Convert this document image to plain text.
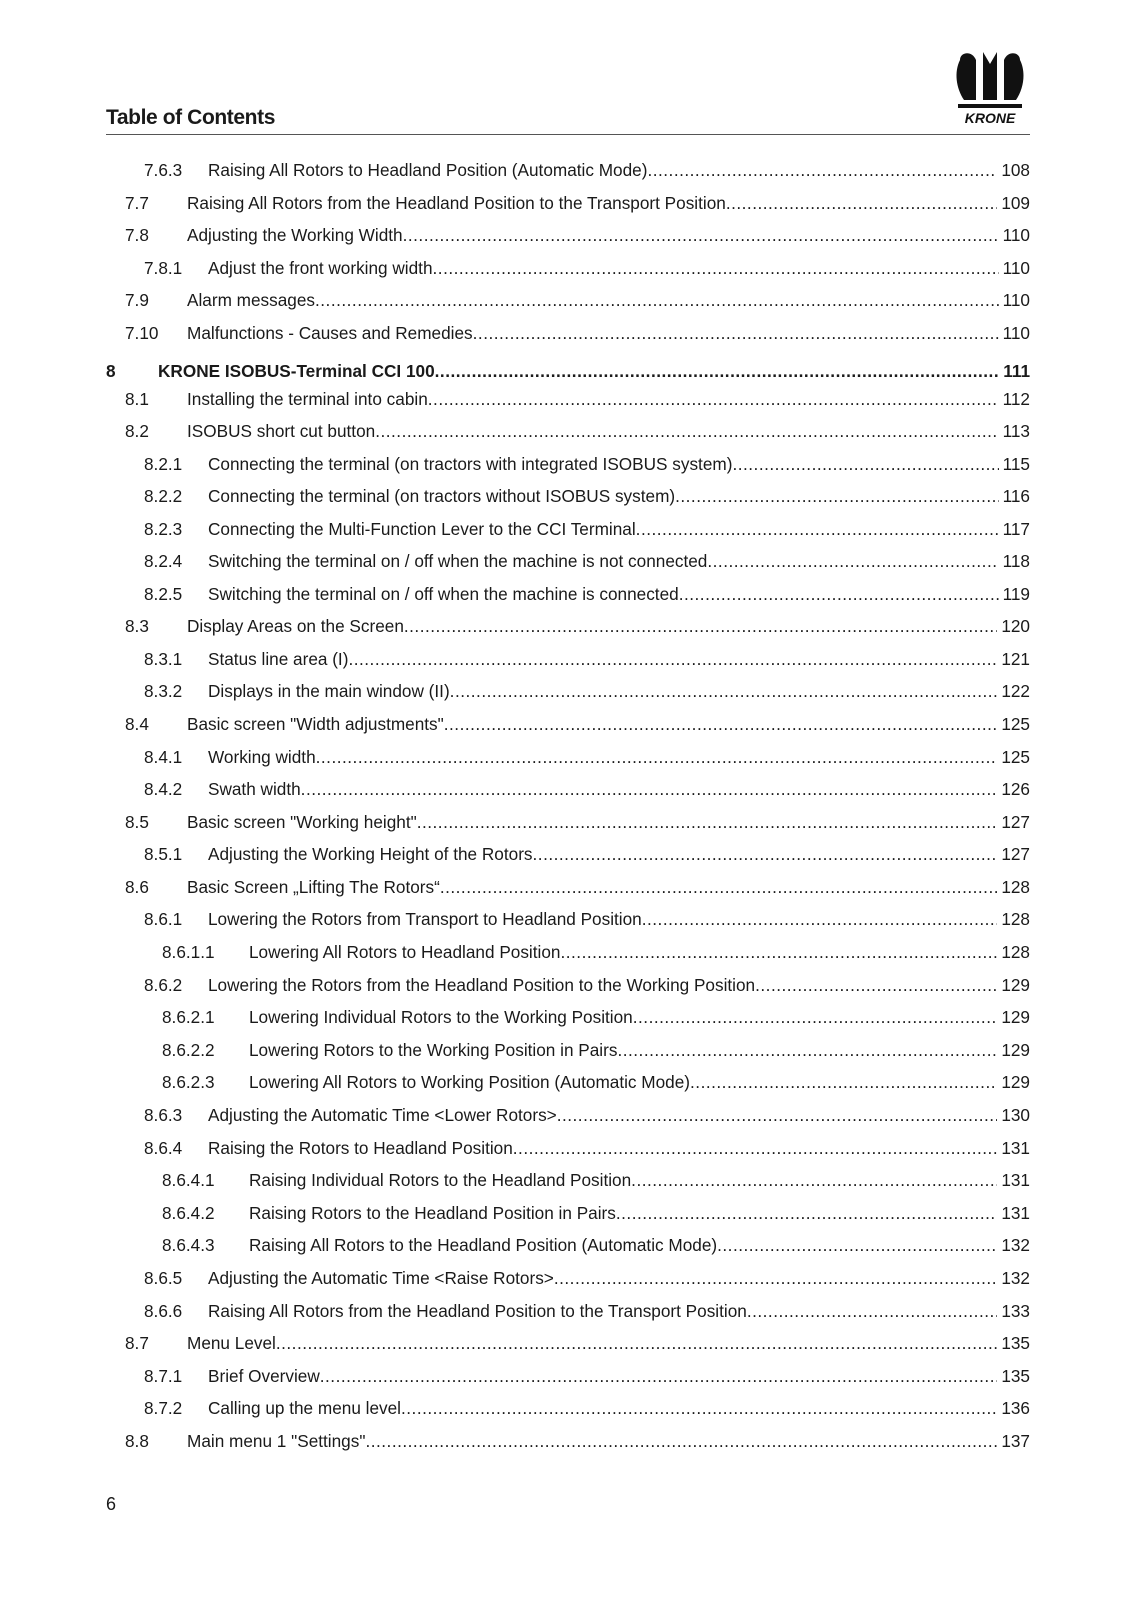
Table of Contents	KRONE
7.6.3 Raising All Rotors to Headland Position (Automatic Mode) .....	108
7.7 Raising All Rotors from the Headland Position to the Transport Position .....	109
7.8 Adjusting the Working Width .....	110
7.8.1 Adjust the front working width .....	110
7.9 Alarm messages .....	110
7.10 Malfunctions - Causes and Remedies .....	110
8 KRONE ISOBUS-Terminal CCI 100 .....	111
8.1 Installing the terminal into cabin .....	112
8.2 ISOBUS short cut button .....	113
8.2.1 Connecting the terminal (on tractors with integrated ISOBUS system) .....	115
8.2.2 Connecting the terminal (on tractors without ISOBUS system) .....	116
8.2.3 Connecting the Multi-Function Lever to the CCI Terminal .....	117
8.2.4 Switching the terminal on / off when the machine is not connected .....	118
8.2.5 Switching the terminal on / off when the machine is connected .....	119
8.3 Display Areas on the Screen .....	120
8.3.1 Status line area (I) .....	121
8.3.2 Displays in the main window (II) .....	122
8.4 Basic screen "Width adjustments" .....	125
8.4.1 Working width .....	125
8.4.2 Swath width .....	126
8.5 Basic screen "Working height" .....	127
8.5.1 Adjusting the Working Height of the Rotors .....	127
8.6 Basic Screen „Lifting The Rotors“ .....	128
8.6.1 Lowering the Rotors from Transport to Headland Position .....	128
8.6.1.1 Lowering All Rotors to Headland Position .....	128
8.6.2 Lowering the Rotors from the Headland Position to the Working Position .....	129
8.6.2.1 Lowering Individual Rotors to the Working Position .....	129
8.6.2.2 Lowering Rotors to the Working Position in Pairs .....	129
8.6.2.3 Lowering All Rotors to Working Position (Automatic Mode) .....	129
8.6.3 Adjusting the Automatic Time <Lower Rotors> .....	130
8.6.4 Raising the Rotors to Headland Position .....	131
8.6.4.1 Raising Individual Rotors to the Headland Position .....	131
8.6.4.2 Raising Rotors to the Headland Position in Pairs .....	131
8.6.4.3 Raising All Rotors to the Headland Position (Automatic Mode) .....	132
8.6.5 Adjusting the Automatic Time <Raise Rotors> .....	132
8.6.6 Raising All Rotors from the Headland Position to the Transport Position .....	133
8.7 Menu Level .....	135
8.7.1 Brief Overview .....	135
8.7.2 Calling up the menu level .....	136
8.8 Main menu 1 "Settings" .....	137
6
